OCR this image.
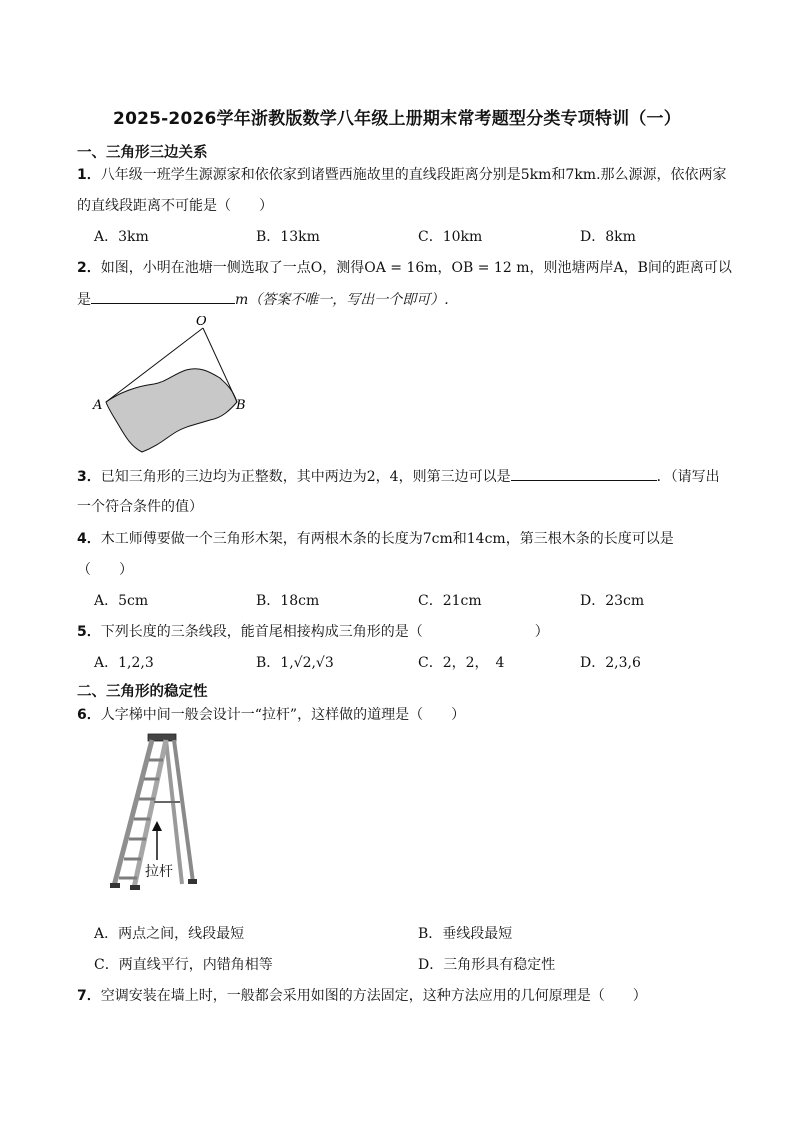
2025-2026学年浙教版数学八年级上册期末常考题型分类专项特训（一）
一、三角形三边关系
1．八年级一班学生源源家和依依家到诸暨西施故里的直线段距离分别是5km和7km.那么源源，依依两家
的直线段距离不可能是（　　）
A．3km	B．13km	C．10km	D．8km
2．如图，小明在池塘一侧选取了一点O，测得OA = 16m，OB = 12 m，则池塘两岸A，B间的距离可以
是	m（答案不唯一，写出一个即可）.
O
A	B
3．已知三角形的三边均为正整数，其中两边为2，4，则第三边可以是	．（请写出
一个符合条件的值）
4．木工师傅要做一个三角形木架，有两根木条的长度为7cm和14cm，第三根木条的长度可以是
（　　）
A．5cm	B．18cm	C．21cm	D．23cm
5．下列长度的三条线段，能首尾相接构成三角形的是（　　　　　　　　）
A．1,2,3	B．1,√2,√3	C．2，2，　4	D．2,3,6
二、三角形的稳定性
6．人字梯中间一般会设计一“拉杆”，这样做的道理是（　　）
拉杆
A．两点之间，线段最短	B．垂线段最短
C．两直线平行，内错角相等	D．三角形具有稳定性
7．空调安装在墙上时，一般都会采用如图的方法固定，这种方法应用的几何原理是（　　）
